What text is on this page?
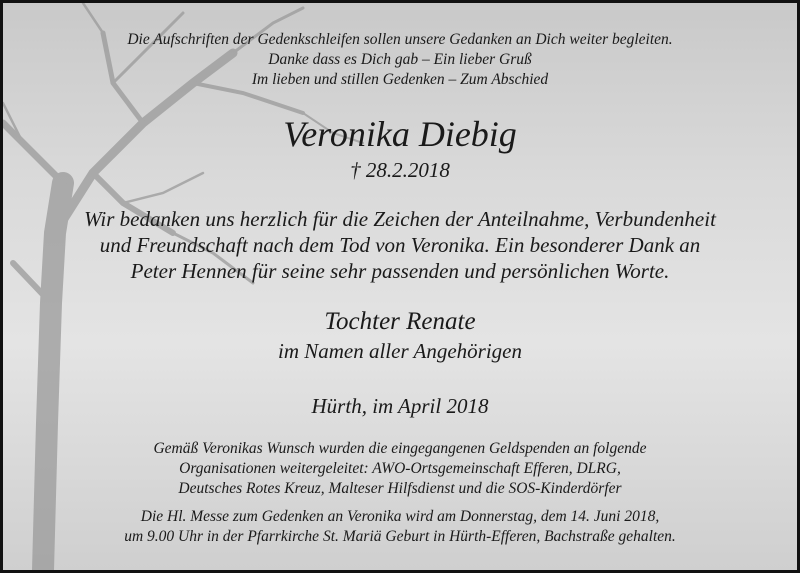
Die Aufschriften der Gedenkschleifen sollen unsere Gedanken an Dich weiter begleiten.
Danke dass es Dich gab – Ein lieber Gruß
Im lieben und stillen Gedenken – Zum Abschied
Veronika Diebig
† 28.2.2018
Wir bedanken uns herzlich für die Zeichen der Anteilnahme, Verbundenheit
und Freundschaft nach dem Tod von Veronika. Ein besonderer Dank an
Peter Hennen für seine sehr passenden und persönlichen Worte.
Tochter Renate
im Namen aller Angehörigen
Hürth, im April 2018
Gemäß Veronikas Wunsch wurden die eingegangenen Geldspenden an folgende
Organisationen weitergeleitet: AWO-Ortsgemeinschaft Efferen, DLRG,
Deutsches Rotes Kreuz, Malteser Hilfsdienst und die SOS-Kinderdörfer
Die Hl. Messe zum Gedenken an Veronika wird am Donnerstag, dem 14. Juni 2018,
um 9.00 Uhr in der Pfarrkirche St. Mariä Geburt in Hürth-Efferen, Bachstraße gehalten.
